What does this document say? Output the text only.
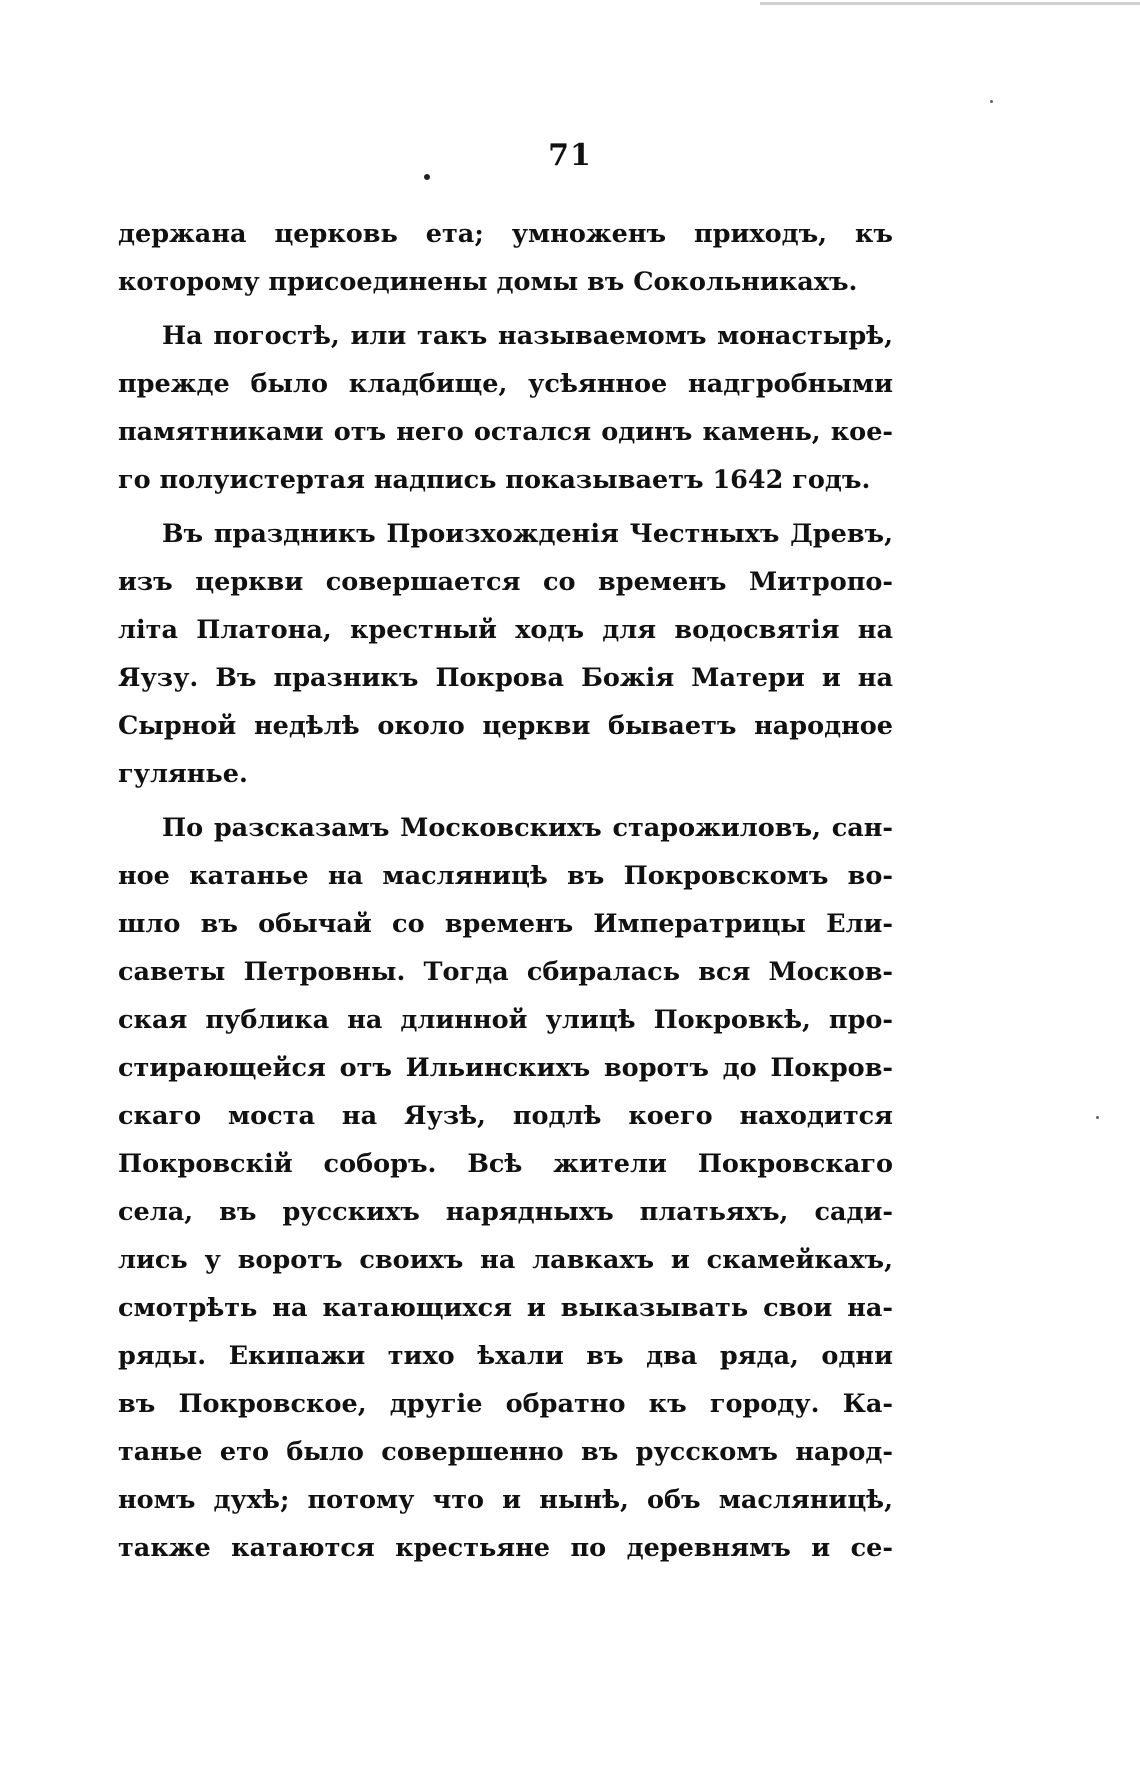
71
держана церковь ета; умноженъ приходъ, къ
которому присоединены домы въ Сокольникахъ.
На погостѣ, или такъ называемомъ монастырѣ,
прежде было кладбище, усѣянное надгробными
памятниками отъ него остался одинъ камень, кое-
го полуистертая надпись показываетъ 1642 годъ.
Въ праздникъ Произхожденія Честныхъ Древъ,
изъ церкви совершается со временъ Митропо-
літа Платона, крестный ходъ для водосвятія на
Яузу. Въ празникъ Покрова Божія Матери и на
Сырной недѣлѣ около церкви бываетъ народное
гулянье.
По разсказамъ Московскихъ старожиловъ, сан-
ное катанье на масляницѣ въ Покровскомъ во-
шло въ обычай со временъ Императрицы Ели-
саветы Петровны. Тогда сбиралась вся Москов-
ская публика на длинной улицѣ Покровкѣ, про-
стирающейся отъ Ильинскихъ воротъ до Покров-
скаго моста на Яузѣ, подлѣ коего находится
Покровскій соборъ. Всѣ жители Покровскаго
села, въ русскихъ нарядныхъ платьяхъ, сади-
лись у воротъ своихъ на лавкахъ и скамейкахъ,
смотрѣть на катающихся и выказывать свои на-
ряды. Екипажи тихо ѣхали въ два ряда, одни
въ Покровское, другіе обратно къ городу. Ка-
танье ето было совершенно въ русскомъ народ-
номъ духѣ; потому что и нынѣ, объ масляницѣ,
также катаются крестьяне по деревнямъ и се-
